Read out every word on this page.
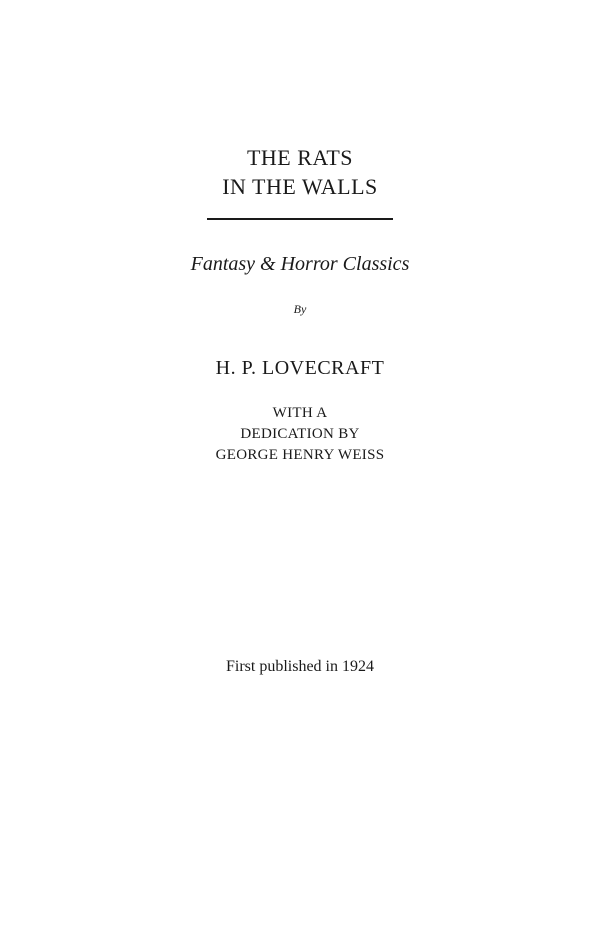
THE RATS
IN THE WALLS
Fantasy & Horror Classics
By
H. P. LOVECRAFT
WITH A
DEDICATION BY
GEORGE HENRY WEISS
First published in 1924
